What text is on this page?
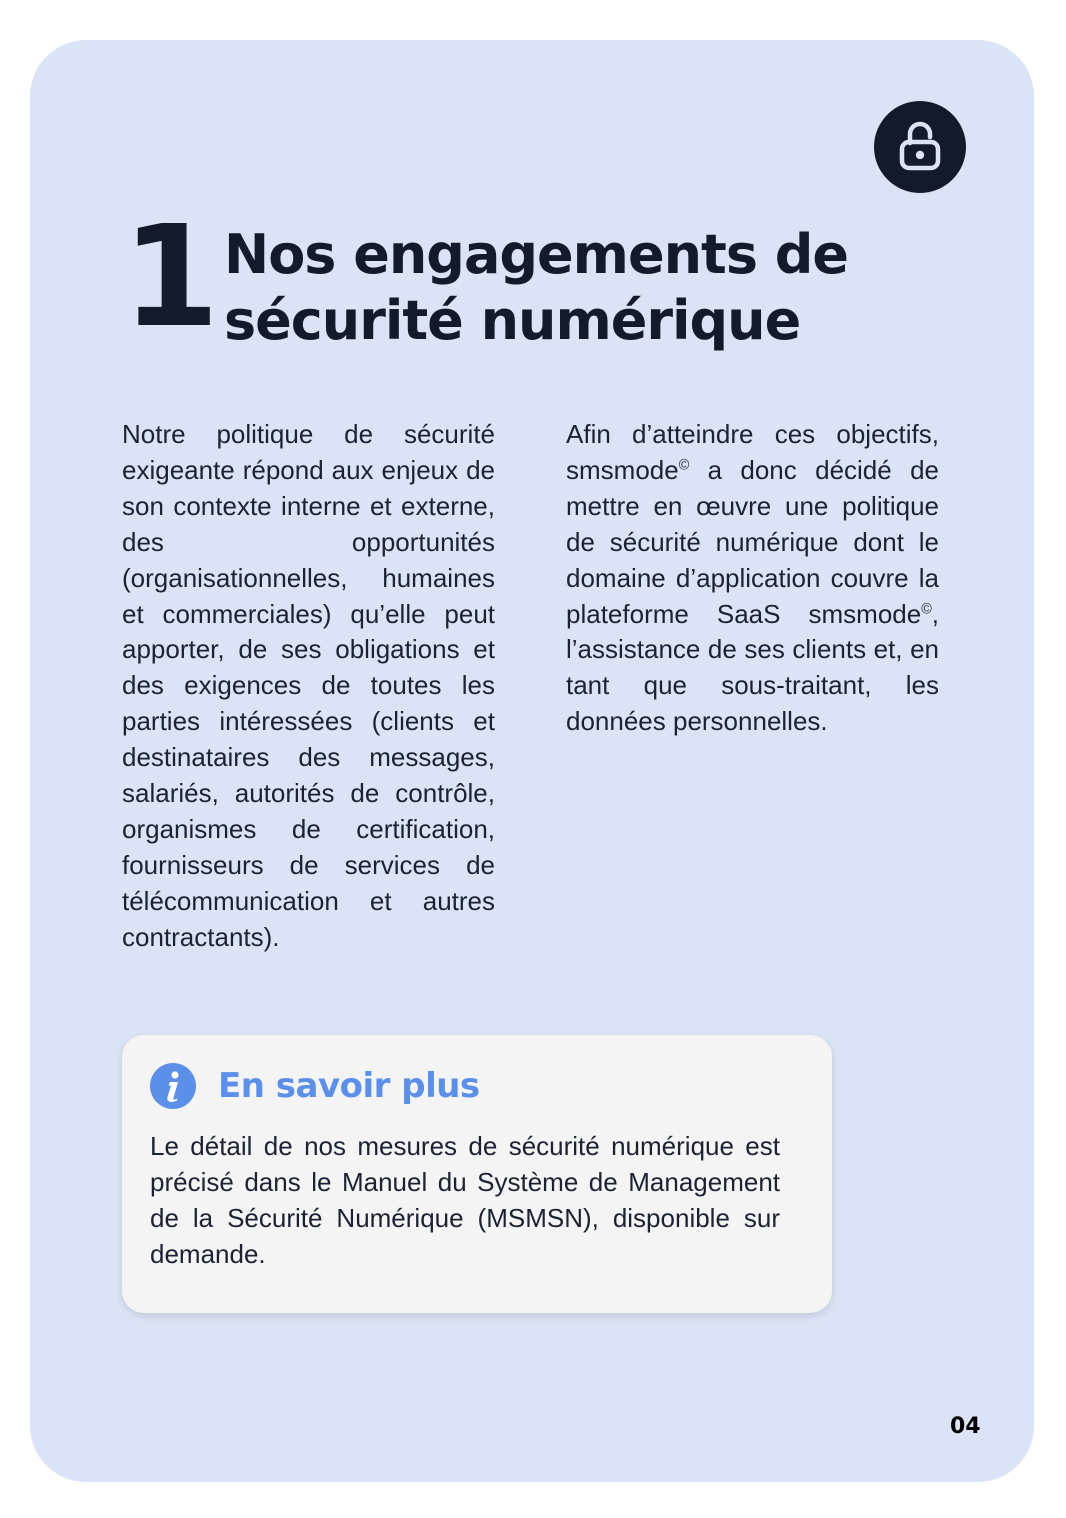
1 Nos engagements de sécurité numérique

Notre politique de sécurité exigeante répond aux enjeux de son contexte interne et externe, des opportunités (organisationnelles, humaines et commerciales) qu’elle peut apporter, de ses obligations et des exigences de toutes les parties intéressées (clients et destinataires des messages, salariés, autorités de contrôle, organismes de certification, fournisseurs de services de télécommunication et autres contractants).

Afin d’atteindre ces objectifs, smsmode© a donc décidé de mettre en œuvre une politique de sécurité numérique dont le domaine d’application couvre la plateforme SaaS smsmode©, l’assistance de ses clients et, en tant que sous-traitant, les données personnelles.

En savoir plus

Le détail de nos mesures de sécurité numérique est précisé dans le Manuel du Système de Management de la Sécurité Numérique (MSMSN), disponible sur demande.

04
